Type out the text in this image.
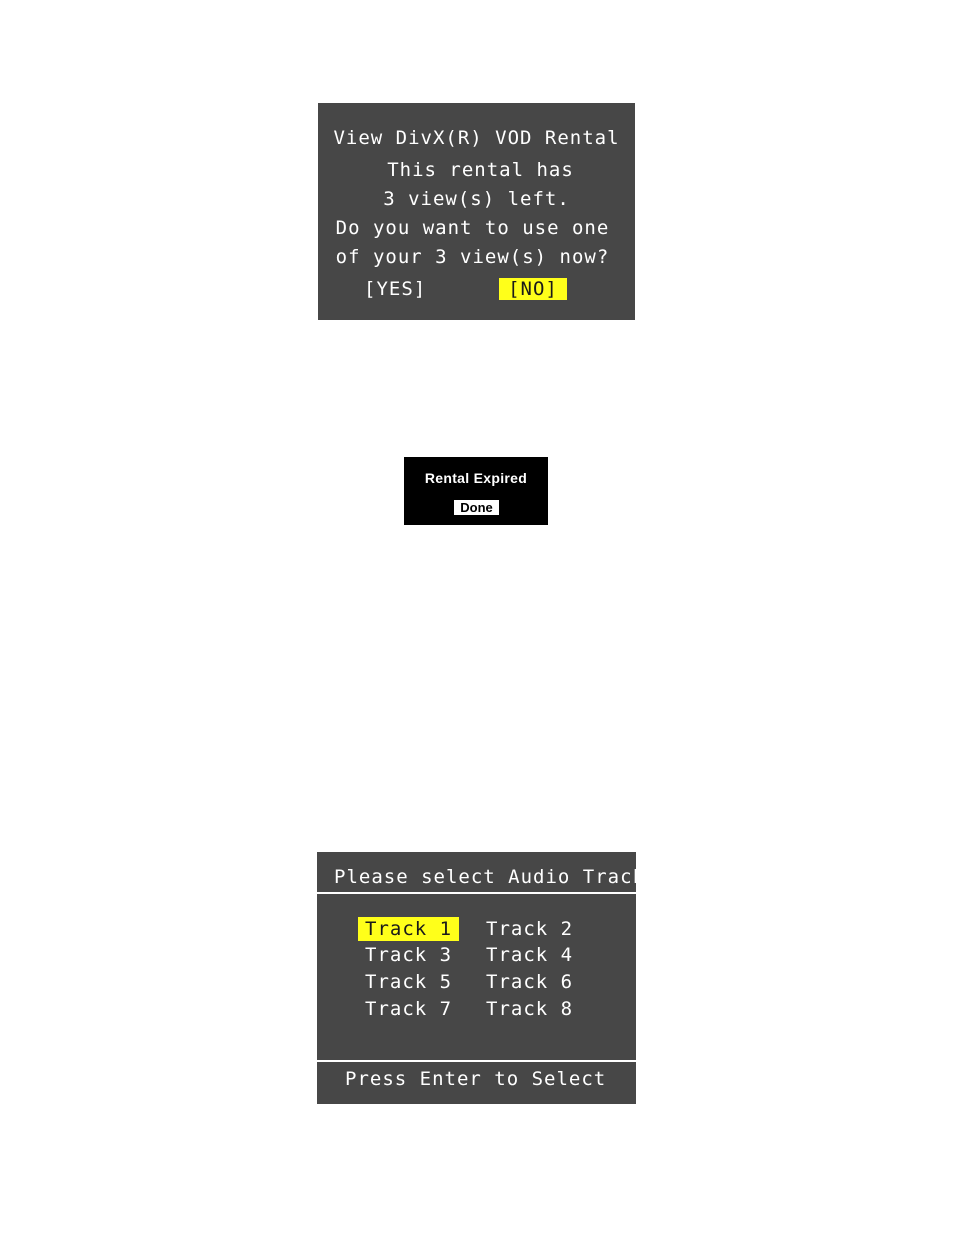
View DivX(R) VOD Rental
This rental has
3 view(s) left.
Do you want to use one
of your 3 view(s) now?
[YES]	[NO]
Rental Expired
Done
Please select Audio Track:
Track 1	Track 2
Track 3 Track 4
Track 5 Track 6
Track 7 Track 8
Press Enter to Select
